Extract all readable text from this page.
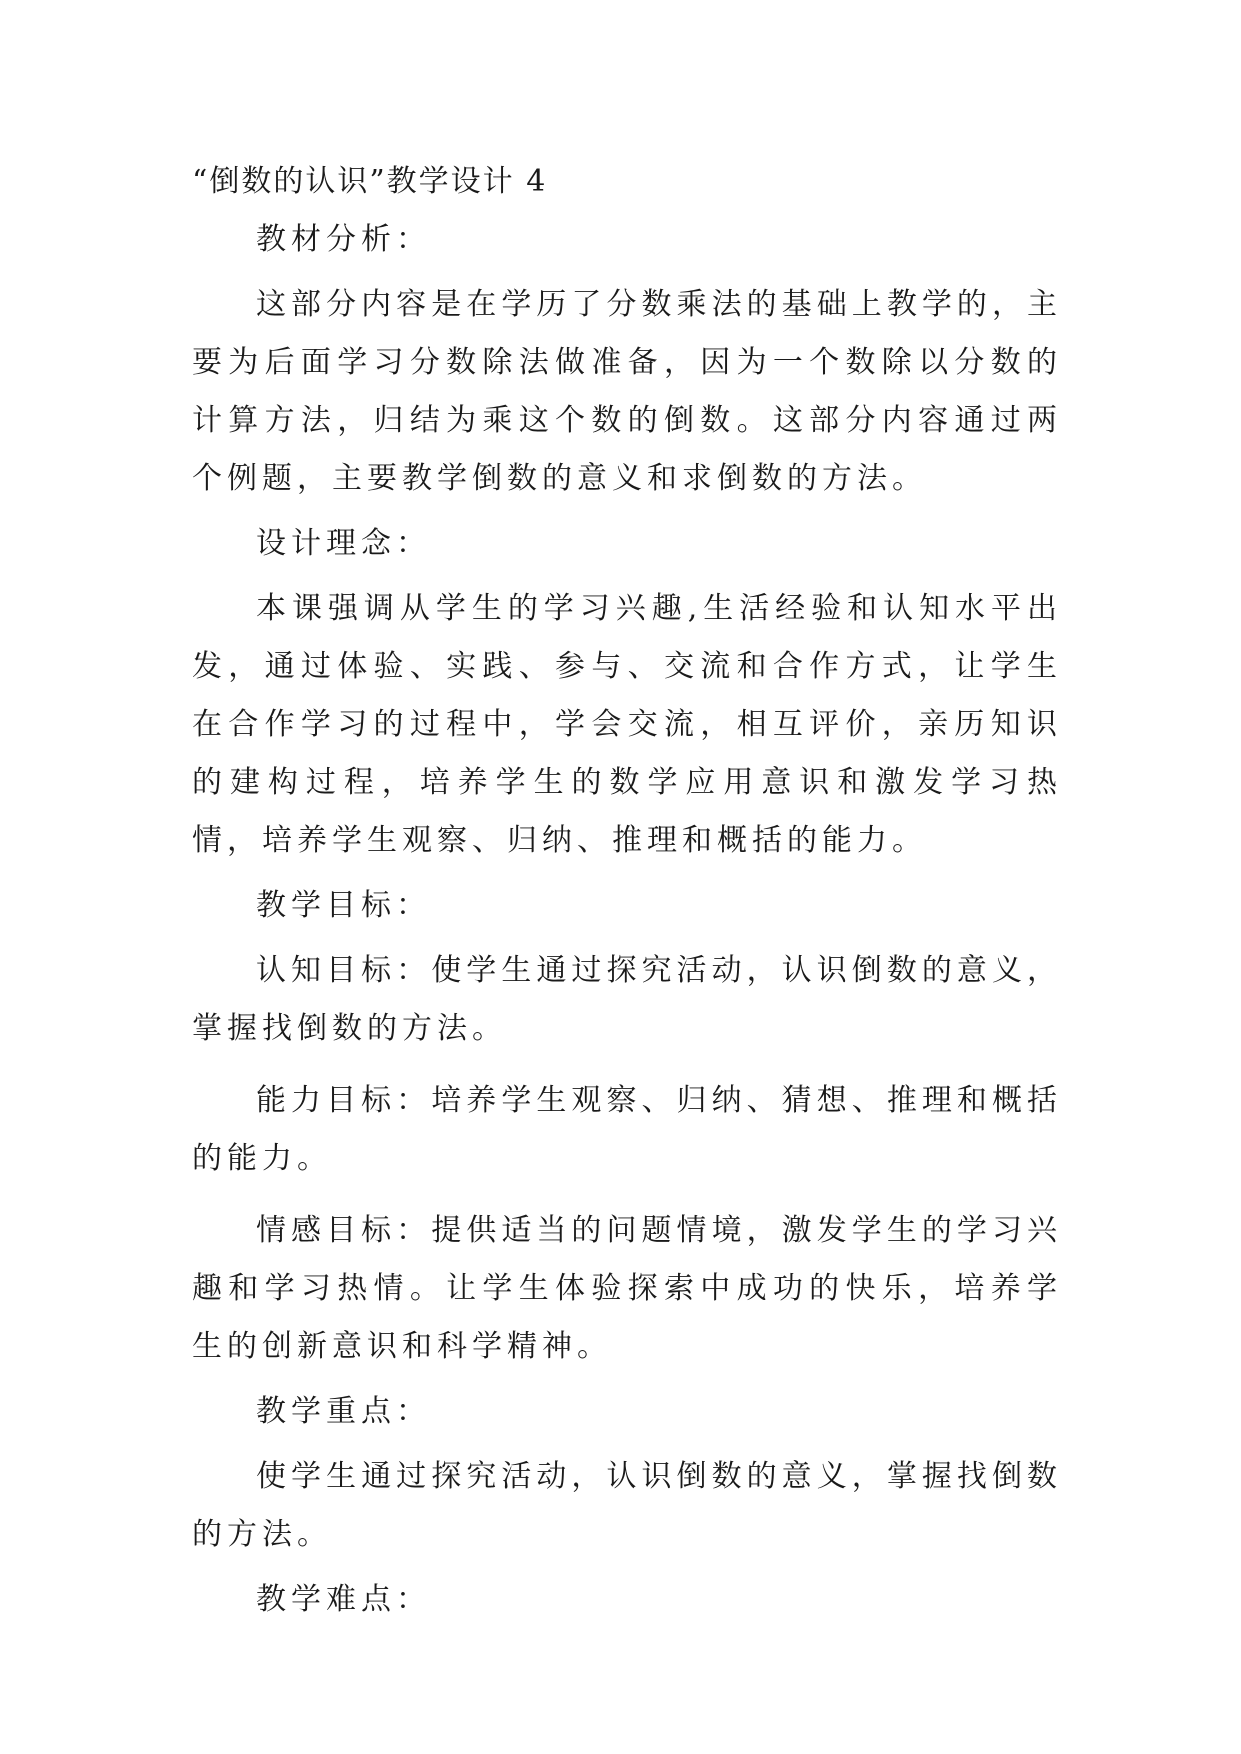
“倒数的认识”教学设计 4

教材分析：

这部分内容是在学历了分数乘法的基础上教学的，主要为后面学习分数除法做准备，因为一个数除以分数的计算方法，归结为乘这个数的倒数。这部分内容通过两个例题，主要教学倒数的意义和求倒数的方法。

设计理念：

本课强调从学生的学习兴趣,生活经验和认知水平出发，通过体验、实践、参与、交流和合作方式，让学生在合作学习的过程中，学会交流，相互评价，亲历知识的建构过程，培养学生的数学应用意识和激发学习热情，培养学生观察、归纳、推理和概括的能力。

教学目标：

认知目标：使学生通过探究活动，认识倒数的意义，掌握找倒数的方法。

能力目标：培养学生观察、归纳、猜想、推理和概括的能力。

情感目标：提供适当的问题情境，激发学生的学习兴趣和学习热情。让学生体验探索中成功的快乐，培养学生的创新意识和科学精神。

教学重点：

使学生通过探究活动，认识倒数的意义，掌握找倒数的方法。

教学难点：
